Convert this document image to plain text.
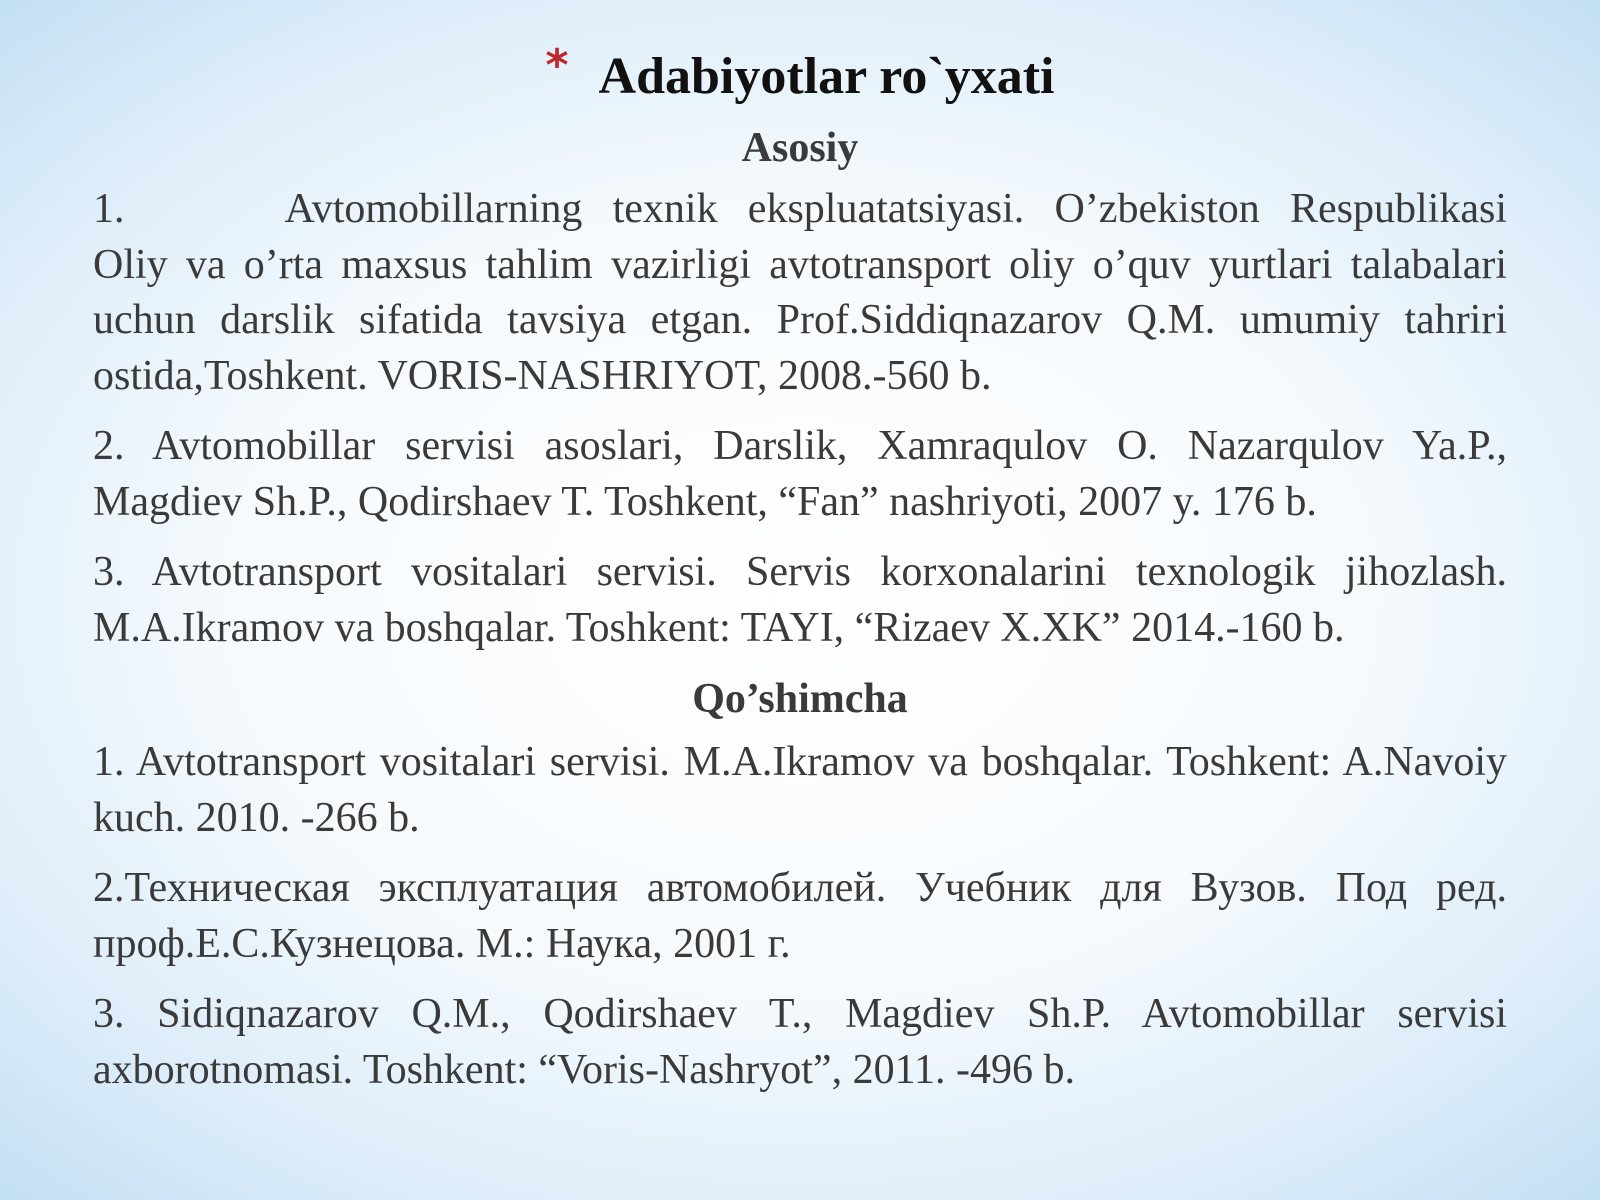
* Adabiyotlar ro`yxati
Asosiy

1.	Avtomobillarning texnik ekspluatatsiyasi. O’zbekiston Respublikasi Oliy va o’rta maxsus tahlim vazirligi avtotransport oliy o’quv yurtlari talabalari uchun darslik sifatida tavsiya etgan. Prof.Siddiqnazarov Q.M. umumiy tahriri ostida,Toshkent. VORIS-NASHRIYOT, 2008.-560 b.

2. Avtomobillar servisi asoslari, Darslik, Xamraqulov O. Nazarqulov Ya.P., Magdiev Sh.P., Qodirshaev T. Toshkent, “Fan” nashriyoti, 2007 y. 176 b.

3. Avtotransport vositalari servisi. Servis korxonalarini texnologik jihozlash. M.A.Ikramov va boshqalar. Toshkent: TAYI, “Rizaev X.XK” 2014.-160 b.

Qo’shimcha

1. Avtotransport vositalari servisi. M.A.Ikramov va boshqalar. Toshkent: A.Navoiy kuch. 2010. -266 b.

2.Техническая эксплуатация автомобилей. Учебник для Вузов. Под ред. проф.Е.С.Кузнецова. М.: Наука, 2001 г.

3. Sidiqnazarov Q.M., Qodirshaev T., Magdiev Sh.P. Avtomobillar servisi axborotnomasi. Toshkent: “Voris-Nashryot”, 2011. -496 b.
